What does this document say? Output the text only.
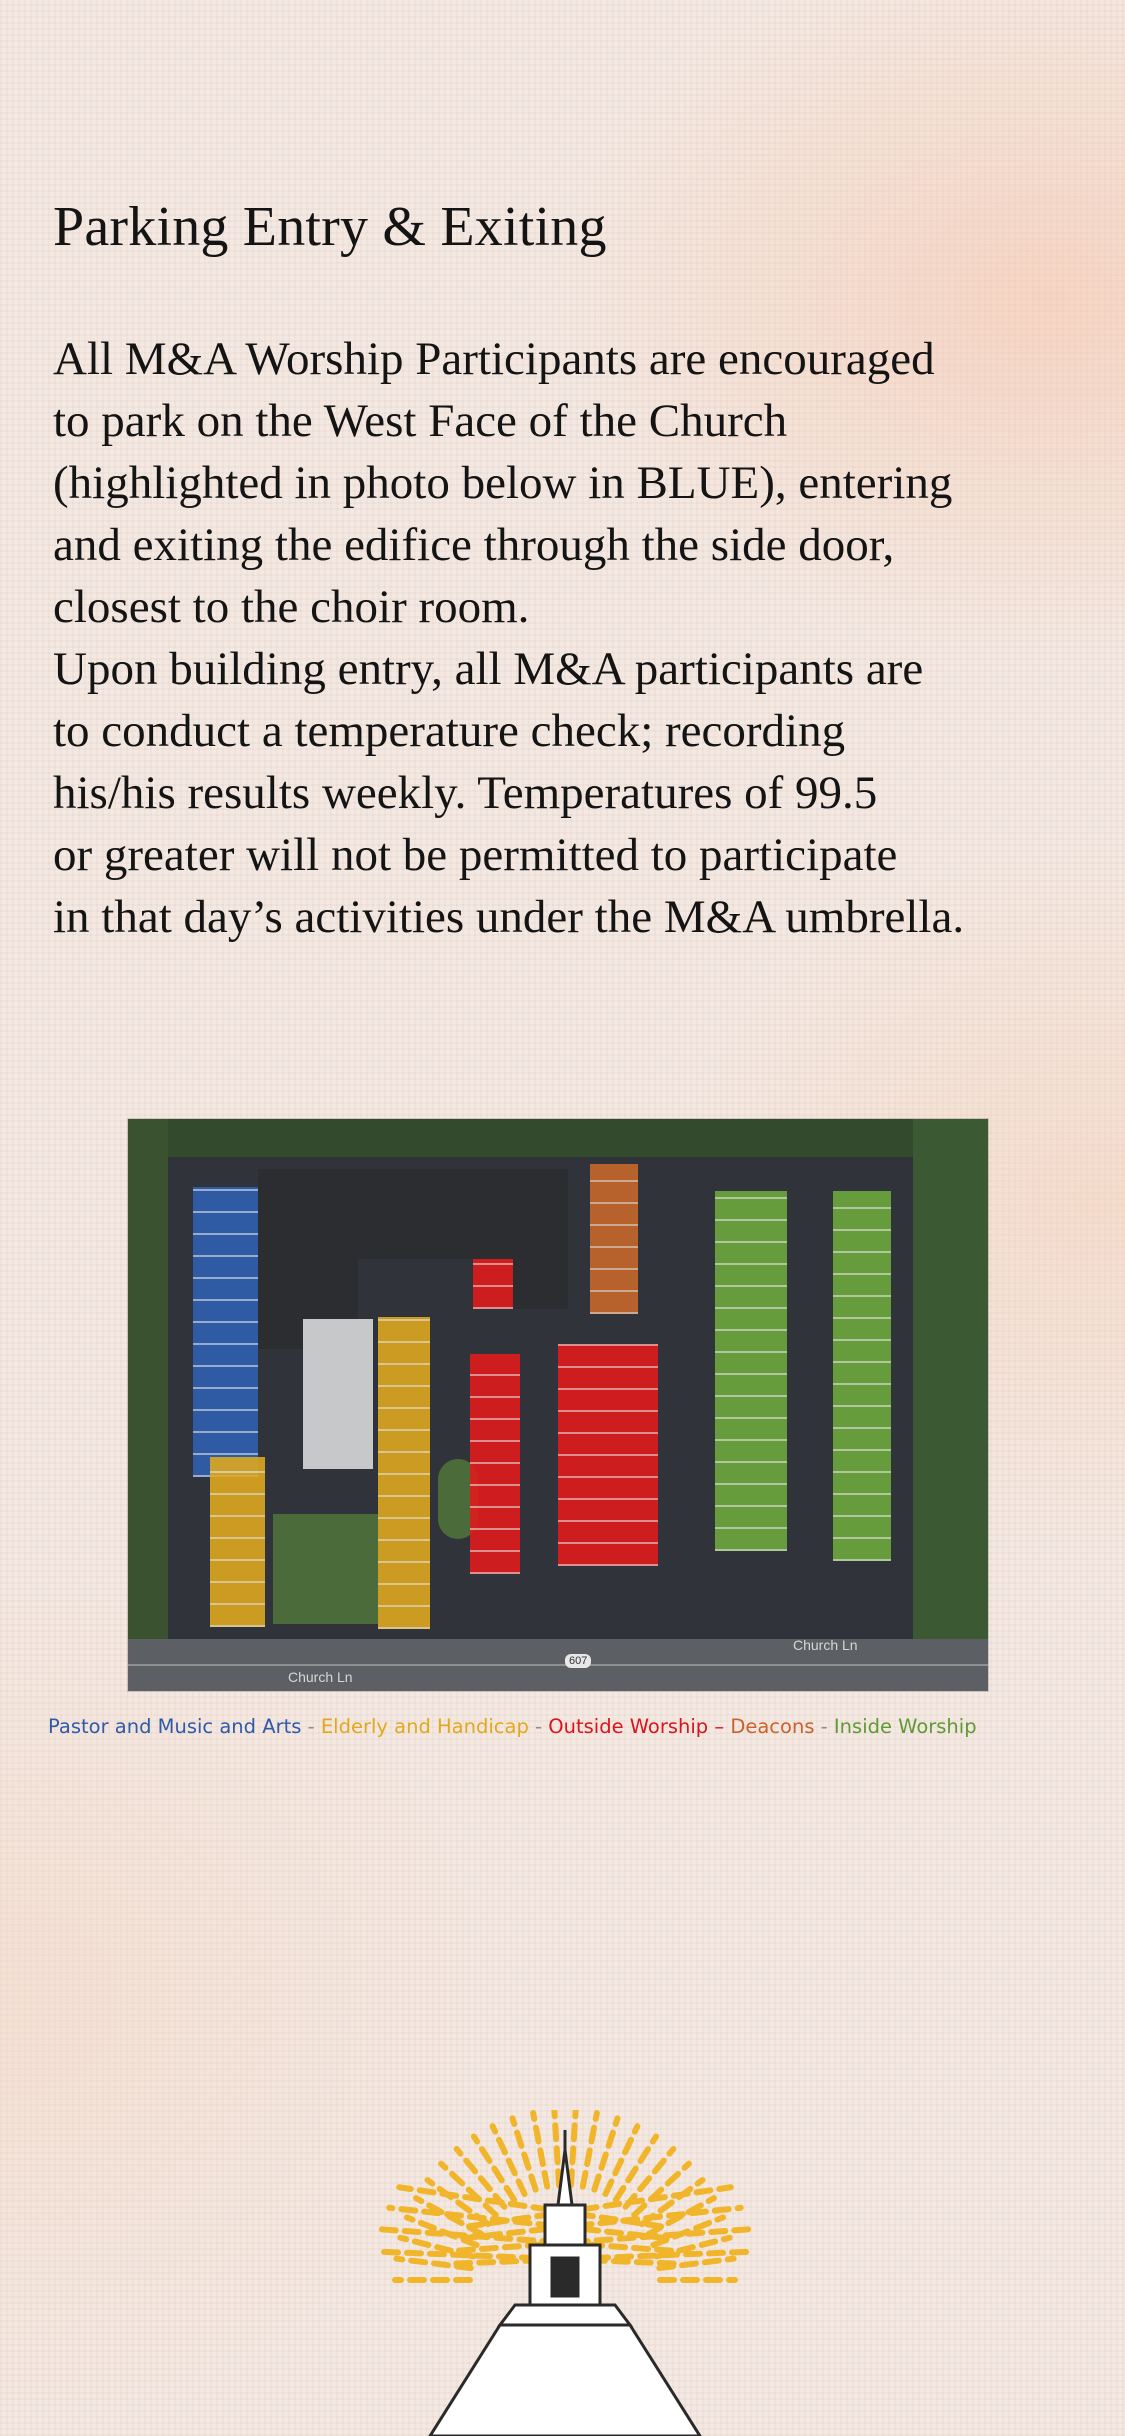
Parking Entry & Exiting

All M&A Worship Participants are encouraged
to park on the West Face of the Church
(highlighted in photo below in BLUE), entering
and exiting the edifice through the side door,
closest to the choir room.
Upon building entry, all M&A participants are
to conduct a temperature check; recording
his/his results weekly. Temperatures of 99.5
or greater will not be permitted to participate
in that day’s activities under the M&A umbrella.

Church Ln
Church Ln
607
Pastor and Music and Arts - Elderly and Handicap - Outside Worship – Deacons - Inside Worship
